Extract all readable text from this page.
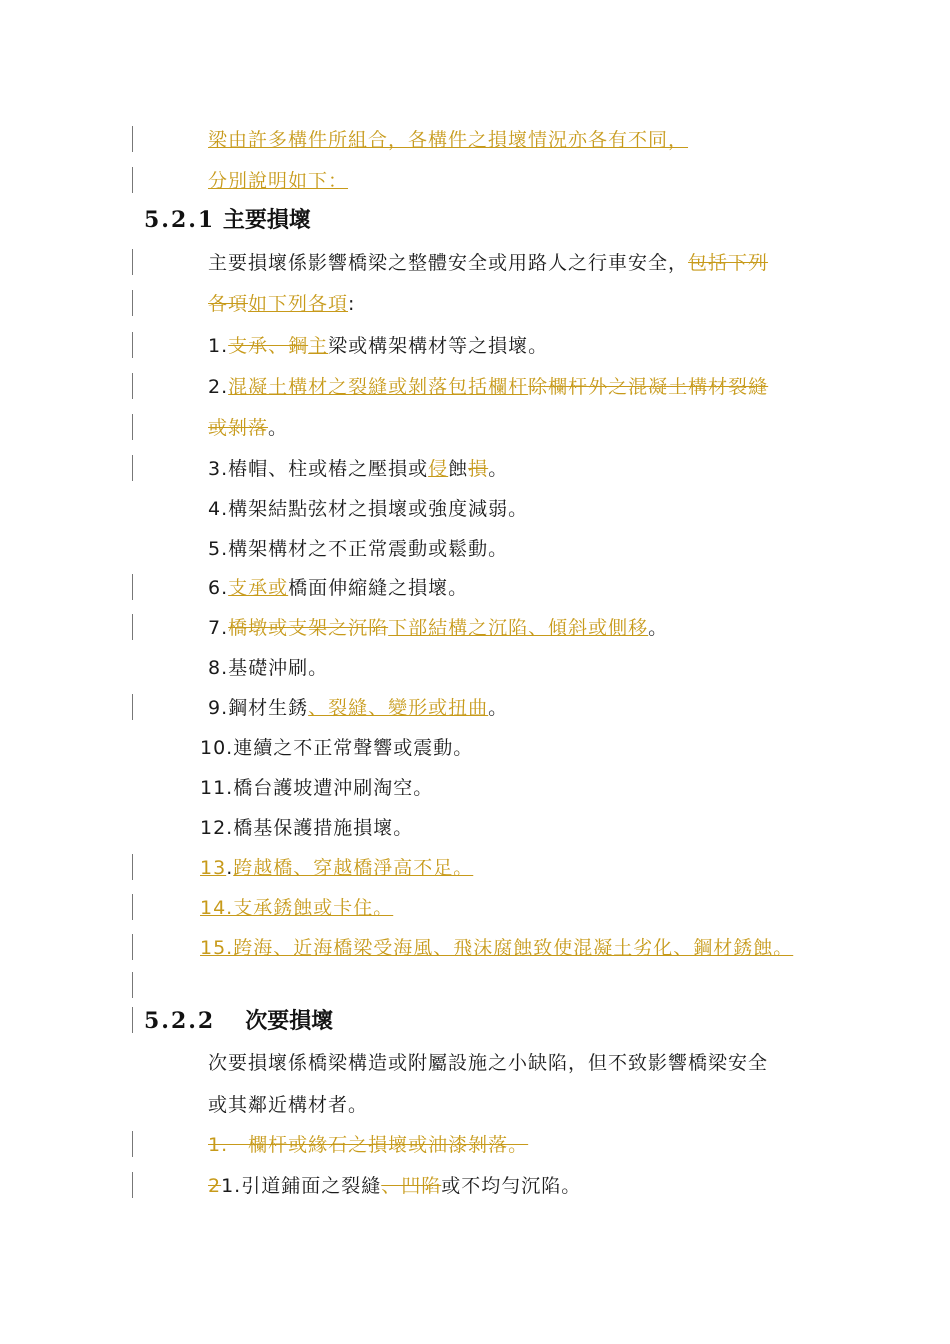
梁由許多構件所組合，各構件之損壞情況亦各有不同，
分別說明如下：
5.2.1 主要損壞
主要損壞係影響橋梁之整體安全或用路人之行車安全，包括下列
各項如下列各項:
1.支承、鋼主梁或構架構材等之損壞。
2.混凝土構材之裂縫或剝落包括欄杆除欄杆外之混凝土構材裂縫
或剝落。
3.樁帽、柱或樁之壓損或侵蝕損。
4.構架結點弦材之損壞或強度減弱。
5.構架構材之不正常震動或鬆動。
6.支承或橋面伸縮縫之損壞。
7.橋墩或支架之沉陷下部結構之沉陷、傾斜或側移。
8.基礎沖刷。
9.鋼材生銹、裂縫、變形或扭曲。
10.連續之不正常聲響或震動。
11.橋台護坡遭沖刷淘空。
12.橋基保護措施損壞。
13.跨越橋、穿越橋淨高不足。
14.支承銹蝕或卡住。
15.跨海、近海橋梁受海風、飛沫腐蝕致使混凝土劣化、鋼材銹蝕。
5.2.2 次要損壞
次要損壞係橋梁構造或附屬設施之小缺陷，但不致影響橋梁安全
或其鄰近構材者。
1.　欄杆或緣石之損壞或油漆剝落。
21.引道鋪面之裂縫、凹陷或不均勻沉陷。
